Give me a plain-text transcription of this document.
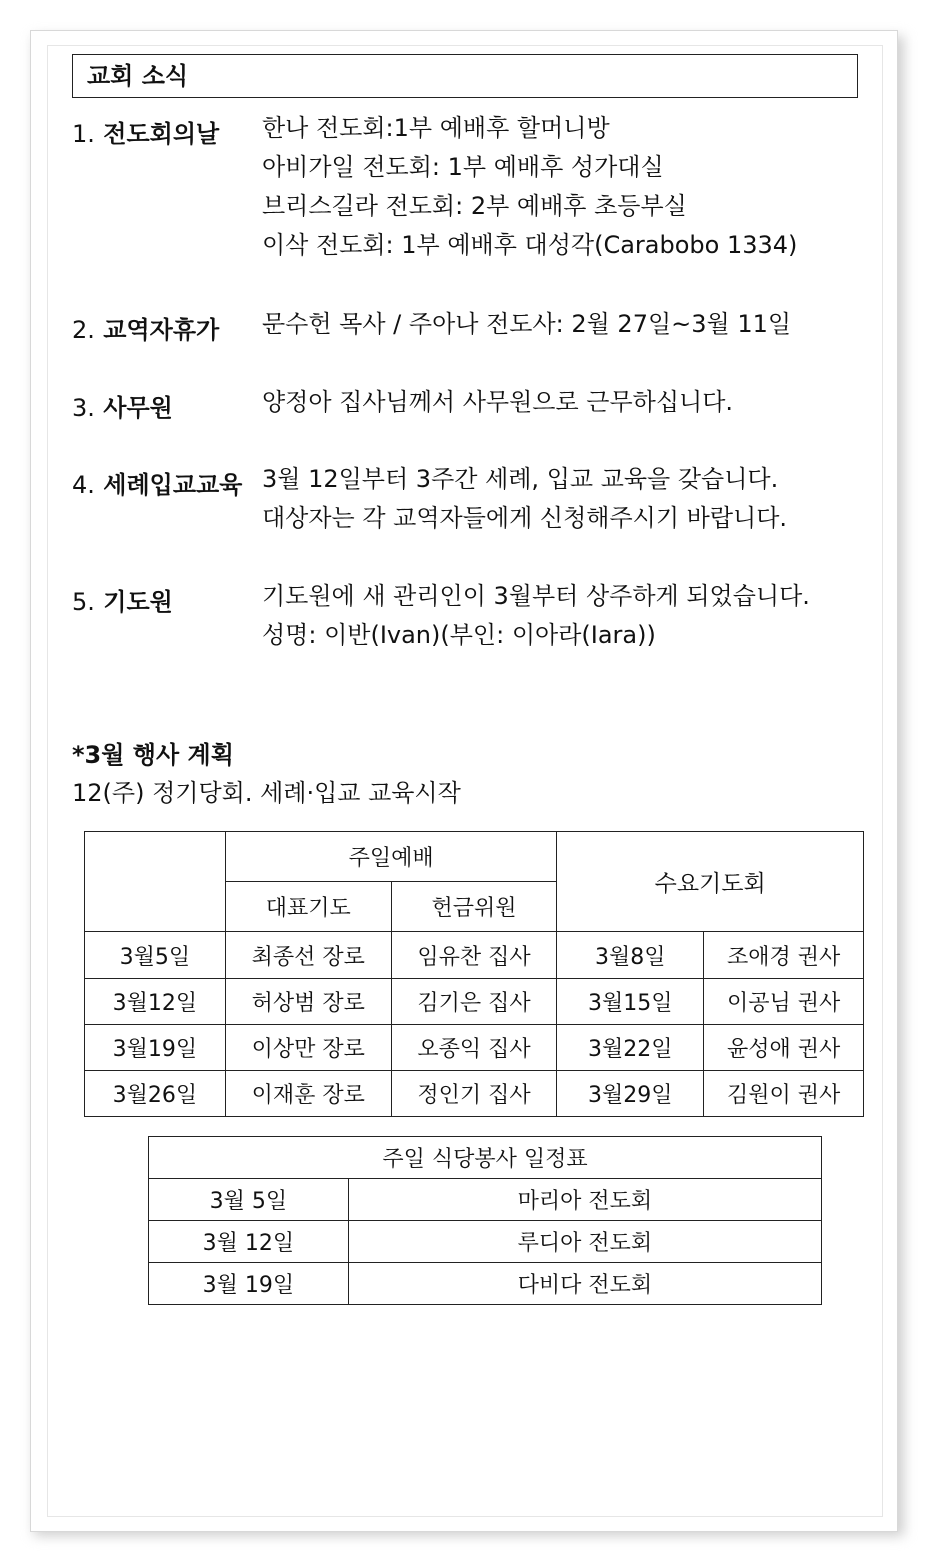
교회 소식
1. 전도회의날	한나 전도회:1부 예배후 할머니방
아비가일 전도회: 1부 예배후 성가대실
브리스길라 전도회: 2부 예배후 초등부실
이삭 전도회: 1부 예배후 대성각(Carabobo 1334)
2. 교역자휴가	문수헌 목사 / 주아나 전도사: 2월 27일~3월 11일
3. 사무원	양정아 집사님께서 사무원으로 근무하십니다.
4. 세례입교교육 3월 12일부터 3주간 세례, 입교 교육을 갖습니다.
대상자는 각 교역자들에게 신청해주시기 바랍니다.
5. 기도원	기도원에 새 관리인이 3월부터 상주하게 되었습니다.
성명: 이반(Ivan)(부인: 이아라(Iara))
*3월 행사 계획
12(주) 정기당회. 세례·입교 교육시작
	주일예배		수요기도회	
	대표기도	헌금위원		
3월5일	최종선 장로	임유찬 집사	3월8일	조애경 권사
3월12일	허상범 장로	김기은 집사	3월15일	이공님 권사
3월19일	이상만 장로	오종익 집사	3월22일	윤성애 권사
3월26일	이재훈 장로	정인기 집사	3월29일	김원이 권사
주일 식당봉사 일정표	
3월 5일	마리아 전도회
3월 12일	루디아 전도회
3월 19일	다비다 전도회
